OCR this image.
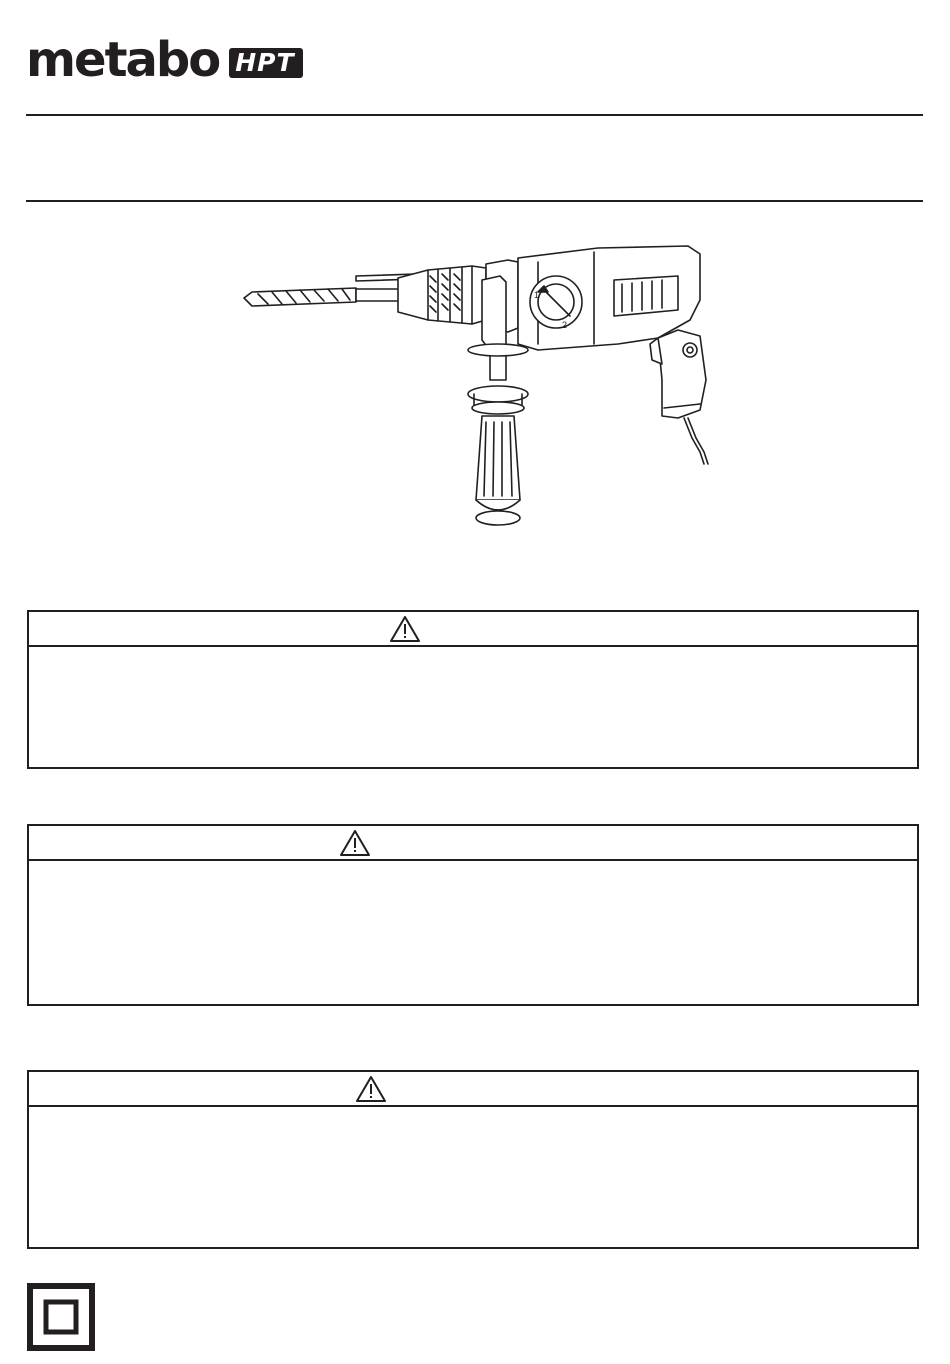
metabo HPT
1
2
